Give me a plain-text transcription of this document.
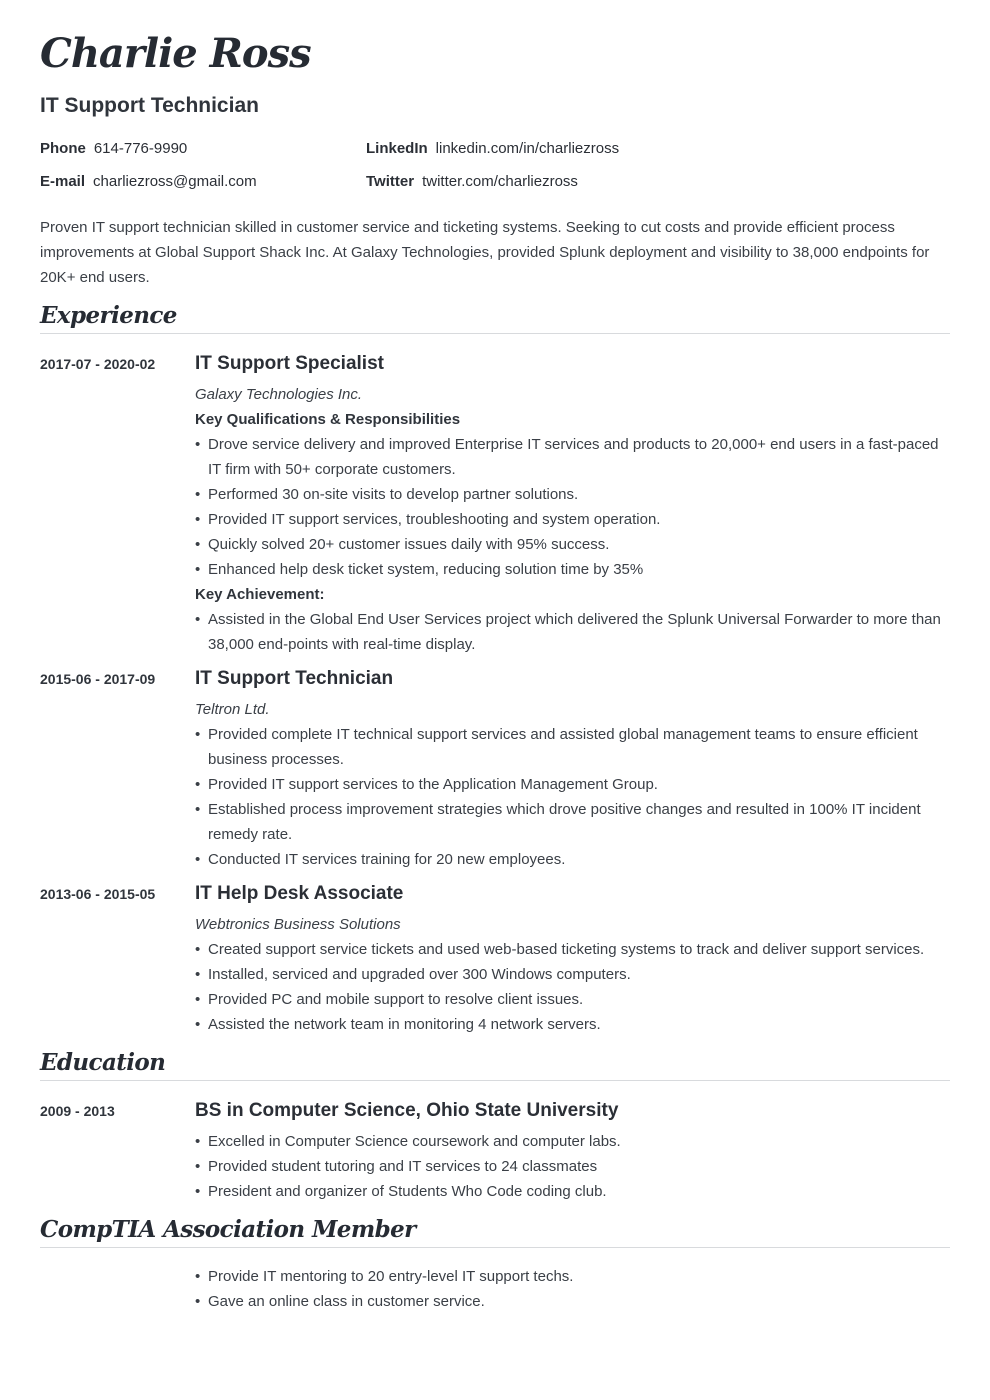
Charlie Ross
IT Support Technician
Phone 614-776-9990	LinkedIn linkedin.com/in/charliezross
E-mail charliezross@gmail.com	Twitter twitter.com/charliezross

Proven IT support technician skilled in customer service and ticketing systems. Seeking to cut costs and provide efficient process improvements at Global Support Shack Inc. At Galaxy Technologies, provided Splunk deployment and visibility to 38,000 endpoints for 20K+ end users.

Experience
2017-07 - 2020-02 IT Support Specialist
Galaxy Technologies Inc.
Key Qualifications & Responsibilities
• Drove service delivery and improved Enterprise IT services and products to 20,000+ end users in a fast-paced IT firm with 50+ corporate customers.
• Performed 30 on-site visits to develop partner solutions.
• Provided IT support services, troubleshooting and system operation.
• Quickly solved 20+ customer issues daily with 95% success.
• Enhanced help desk ticket system, reducing solution time by 35%
Key Achievement:
• Assisted in the Global End User Services project which delivered the Splunk Universal Forwarder to more than 38,000 end-points with real-time display.
2015-06 - 2017-09 IT Support Technician
Teltron Ltd.
• Provided complete IT technical support services and assisted global management teams to ensure efficient business processes.
• Provided IT support services to the Application Management Group.
• Established process improvement strategies which drove positive changes and resulted in 100% IT incident remedy rate.
• Conducted IT services training for 20 new employees.
2013-06 - 2015-05 IT Help Desk Associate
Webtronics Business Solutions
• Created support service tickets and used web-based ticketing systems to track and deliver support services.
• Installed, serviced and upgraded over 300 Windows computers.
• Provided PC and mobile support to resolve client issues.
• Assisted the network team in monitoring 4 network servers.
Education
2009 - 2013	BS in Computer Science, Ohio State University
• Excelled in Computer Science coursework and computer labs.
• Provided student tutoring and IT services to 24 classmates
• President and organizer of Students Who Code coding club.
CompTIA Association Member
• Provide IT mentoring to 20 entry-level IT support techs.
• Gave an online class in customer service.
